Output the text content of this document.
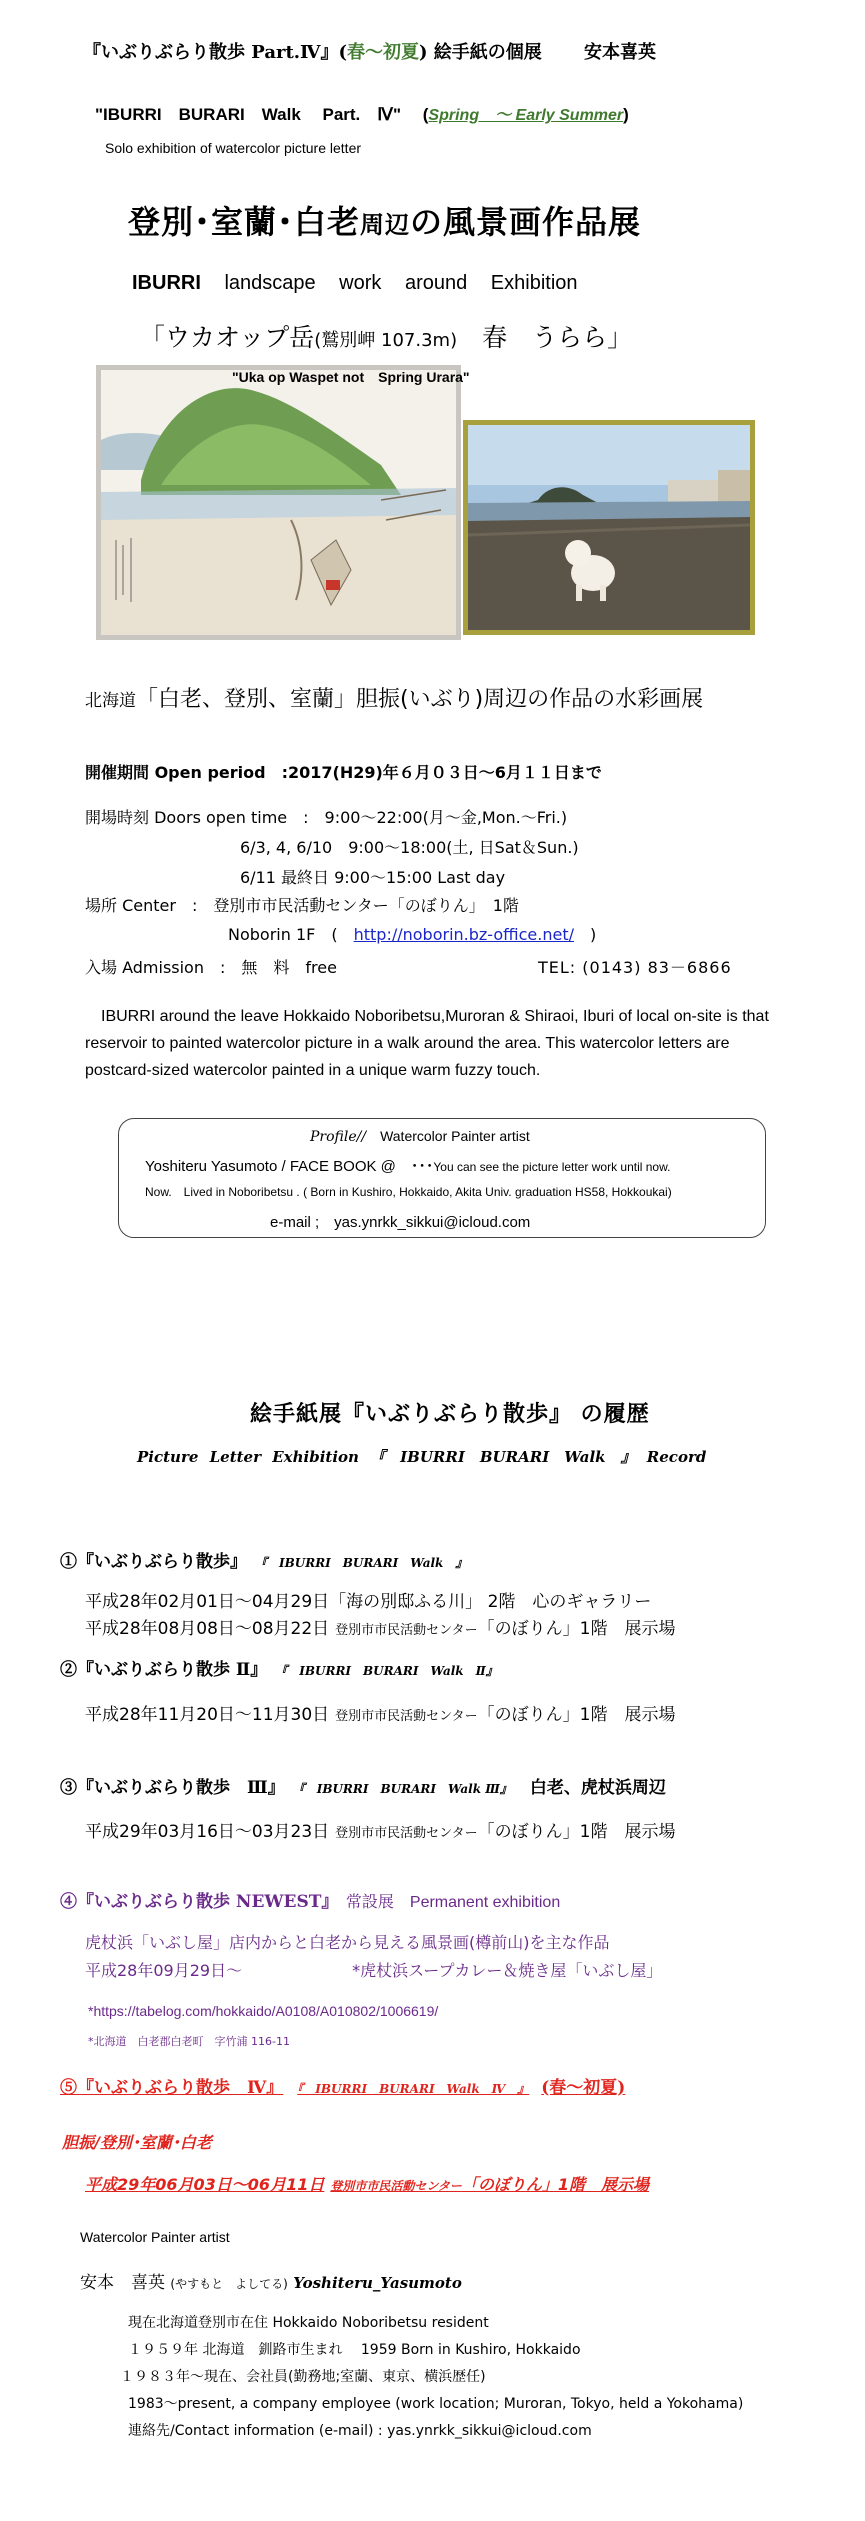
『いぶりぶらり散歩 Part.Ⅳ』(春～初夏) 絵手紙の個展　　 安本喜英
"IBURRI　BURARI　Walk　 Part.　Ⅳ"　 (Spring　～ Early Summer)
Solo exhibition of watercolor picture letter
登別･室蘭･白老周辺の風景画作品展
IBURRI landscape work around Exhibition
「ウカオップ岳(鷲別岬 107.3m)　春　うらら」
"Uka op Waspet not　Spring Urara"
北海道「白老、登別、室蘭」胆振(いぶり)周辺の作品の水彩画展
開催期間 Open period　:2017(H29)年６月０３日～6月１１日まで
開場時刻 Doors open time　:　9:00～22:00(月～金,Mon.～Fri.)
6/3, 4, 6/10　9:00～18:00(土, 日Sat＆Sun.)
6/11 最終日 9:00～15:00 Last day
場所 Center　:　登別市市民活動センター「のぼりん」　1階
Noborin 1F　(　http://noborin.bz-office.net/　)
入場 Admission　:　無　料　free	TEL: (0143) 83－6866
　IBURRI around the leave Hokkaido Noboribetsu,Muroran & Shiraoi, Iburi of local on-site is that reservoir to painted watercolor picture in a walk around the area. This watercolor letters are postcard-sized watercolor painted in a unique warm fuzzy touch.
Profile//　Watercolor Painter artist
Yoshiteru Yasumoto / FACE BOOK @　･･･You can see the picture letter work until now.
Now.　Lived in Noboribetsu . ( Born in Kushiro, Hokkaido, Akita Univ. graduation HS58, Hokkoukai)
e-mail ;　yas.ynrkk_sikkui@icloud.com
絵手紙展『いぶりぶらり散歩』 の履歴
Picture Letter Exhibition 『　IBURRI　BURARI　Walk　』 Record
①『いぶりぶらり散歩』 『　IBURRI　BURARI　Walk　』
平成28年02月01日～04月29日「海の別邸ふる川」 2階　心のギャラリー
平成28年08月08日～08月22日 登別市市民活動センター「のぼりん」1階　展示場
②『いぶりぶらり散歩 Ⅱ』 『　IBURRI　BURARI　Walk　Ⅱ』
平成28年11月20日～11月30日 登別市市民活動センター「のぼりん」1階　展示場
③『いぶりぶらり散歩　Ⅲ』 『　IBURRI　BURARI　Walk Ⅲ』 白老、虎杖浜周辺
平成29年03月16日～03月23日 登別市市民活動センター「のぼりん」1階　展示場
④『いぶりぶらり散歩 NEWEST』　常設展　Permanent exhibition
虎杖浜「いぶし屋」店内からと白老から見える風景画(樽前山)を主な作品
平成28年09月29日～	*虎杖浜スープカレー＆焼き屋「いぶし屋」
*https://tabelog.com/hokkaido/A0108/A010802/1006619/
*北海道　白老郡白老町　字竹浦 116-11
⑤『いぶりぶらり散歩　Ⅳ』 『　IBURRI　BURARI　Walk　Ⅳ　』 (春～初夏)
胆振/登別･室蘭･白老
平成29年06月03日～06月11日 登別市市民活動センター「のぼりん」1階　展示場
Watercolor Painter artist
安本　喜英 (やすもと　よしてる) Yoshiteru_Yasumoto
現在北海道登別市在住 Hokkaido Noboribetsu resident
１９５９年 北海道　釧路市生まれ　 1959 Born in Kushiro, Hokkaido
１９８３年～現在、会社員(勤務地;室蘭、東京、横浜歴任)
1983～present, a company employee (work location; Muroran, Tokyo, held a Yokohama)
連絡先/Contact information (e-mail) : yas.ynrkk_sikkui@icloud.com
